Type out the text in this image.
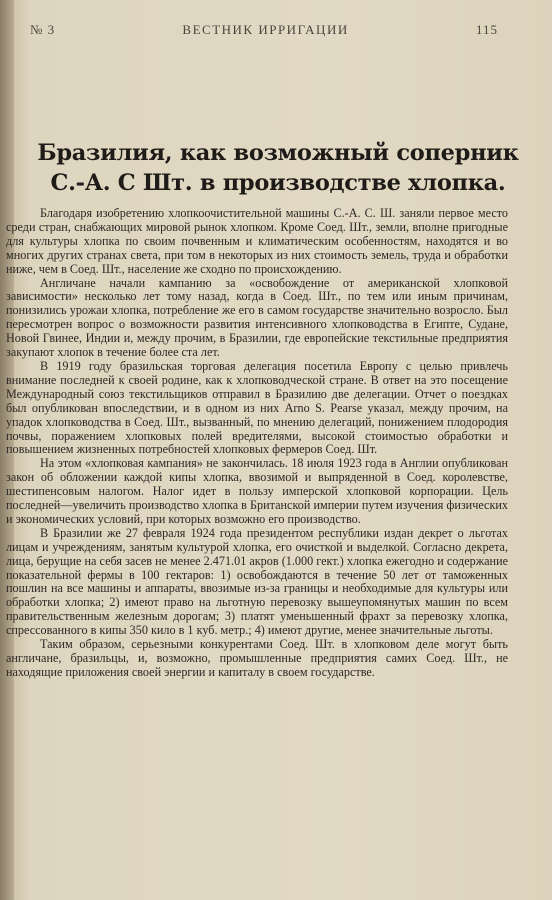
№ 3	ВЕСТНИК ИРРИГАЦИИ	115
Бразилия, как возможный соперник
С.-А. С Шт. в производстве хлопка.

Благодаря изобретению хлопкоочистительной машины С.-А. С. Ш. заняли первое место среди стран, снабжающих мировой рынок хлопком. Кроме Соед. Шт., земли, вполне пригодные для культуры хлопка по своим почвенным и климатическим особенностям, находятся и во многих других странах света, при том в некоторых из них стоимость земель, труда и обработки ниже, чем в Соед. Шт., население же сходно по происхождению.

Англичане начали кампанию за «освобождение от американской хлопковой зависимости» несколько лет тому назад, когда в Соед. Шт., по тем или иным причинам, понизились урожаи хлопка, потребление же его в самом государстве значительно возросло. Был пересмотрен вопрос о возможности развития интенсивного хлопководства в Египте, Судане, Новой Гвинее, Индии и, между прочим, в Бразилии, где европейские текстильные предприятия закупают хлопок в течение более ста лет.

В 1919 году бразильская торговая делегация посетила Европу с целью привлечь внимание последней к своей родине, как к хлопководческой стране. В ответ на это посещение Международный союз текстильщиков отправил в Бразилию две делегации. Отчет о поездках был опубликован впоследствии, и в одном из них Arno S. Pearse указал, между прочим, на упадок хлопководства в Соед. Шт., вызванный, по мнению делегаций, понижением плодородия почвы, поражением хлопковых полей вредителями, высокой стоимостью обработки и повышением жизненных потребностей хлопковых фермеров Соед. Шт.

На этом «хлопковая кампания» не закончилась. 18 июля 1923 года в Англии опубликован закон об обложении каждой кипы хлопка, ввозимой и выпряденной в Соед. королевстве, шестипенсовым налогом. Налог идет в пользу имперской хлопковой корпорации. Цель последней—увеличить производство хлопка в Британской империи путем изучения физических и экономических условий, при которых возможно его производство.

В Бразилии же 27 февраля 1924 года президентом республики издан декрет о льготах лицам и учреждениям, занятым культурой хлопка, его очисткой и выделкой. Согласно декрета, лица, берущие на себя засев не менее 2.471.01 акров (1.000 гект.) хлопка ежегодно и содержание показательной фермы в 100 гектаров: 1) освобождаются в течение 50 лет от таможенных пошлин на все машины и аппараты, ввозимые из-за границы и необходимые для культуры или обработки хлопка; 2) имеют право на льготную перевозку вышеупомянутых машин по всем правительственным железным дорогам; 3) платят уменьшенный фрахт за перевозку хлопка, спрессованного в кипы 350 кило в 1 куб. метр.; 4) имеют другие, менее значительные льготы.

Таким образом, серьезными конкурентами Соед. Шт. в хлопковом деле могут быть англичане, бразильцы, и, возможно, промышленные предприятия самих Соед. Шт., не находящие приложения своей энергии и капиталу в своем государстве.
